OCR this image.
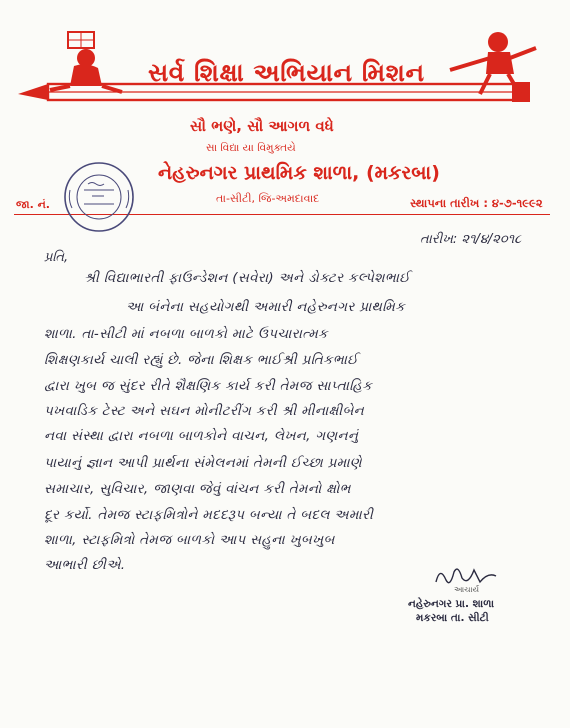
સર્વ શિક્ષા અભિયાન મિશન
સૌ ભણે, સૌ આગળ વધે
સા વિદ્યા યા વિમુક્તયે
નેહરુનગર પ્રાથમિક શાળા, (મકરબા)
તા-સીટી, જિ-અમદાવાદ
જા. નં.	સ્થાપના તારીખ : ૪-૭-૧૯૯૨
તારીખ: ૨૧/૪/૨૦૧૮
પ્રતિ,
શ્રી વિદ્યાભારતી ફાઉન્ડેશન (સવેરા) અને ડોક્ટર કલ્પેશભાઈ
આ બંનેના સહયોગથી અમારી નહેરુનગર પ્રાથમિક
શાળા. તા-સીટી માં નબળા બાળકો માટે ઉપચારાત્મક
શિક્ષણકાર્ય ચાલી રહ્યું છે. જેના શિક્ષક ભાઈશ્રી પ્રતિકભાઈ
દ્વારા ખુબ જ સુંદર રીતે શૈક્ષણિક કાર્ય કરી તેમજ સાપ્તાહિક
પખવાડિક ટેસ્ટ અને સઘન મોનીટરીંગ કરી શ્રી મીનાક્ષીબેન
નવા સંસ્થા દ્વારા નબળા બાળકોને વાચન, લેખન, ગણનનું
પાયાનું જ્ઞાન આપી પ્રાર્થના સંમેલનમાં તેમની ઈચ્છા પ્રમાણે
સમાચાર, સુવિચાર, જાણવા જેવું વાંચન કરી તેમનો ક્ષોભ
દૂર કર્યો. તેમજ સ્ટાફમિત્રોને મદદરૂપ બન્યા તે બદલ અમારી
શાળા, સ્ટાફમિત્રો તેમજ બાળકો આપ સહુના ખુબખુબ
આભારી છીએ.
આચાર્ય
નહેરુનગર પ્રા. શાળા
મકરબા તા. સીટી
